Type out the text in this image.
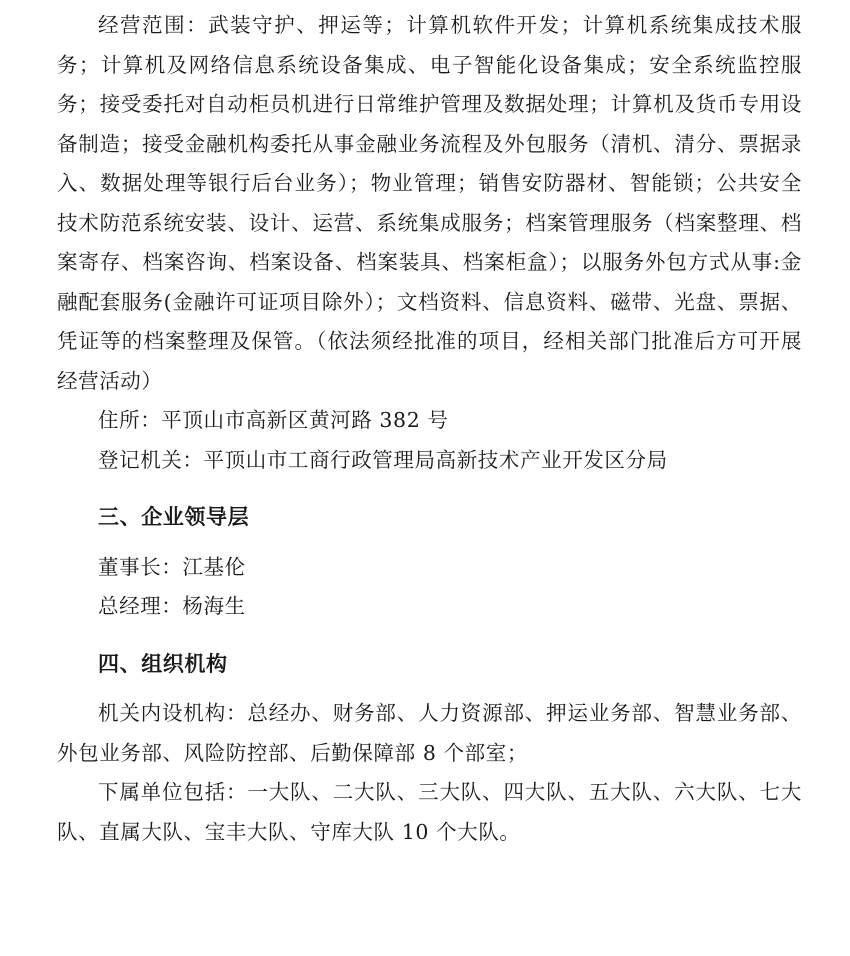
经营范围：武装守护、押运等；计算机软件开发；计算机系统集成技术服务；计算机及网络信息系统设备集成、电子智能化设备集成；安全系统监控服务；接受委托对自动柜员机进行日常维护管理及数据处理；计算机及货币专用设备制造；接受金融机构委托从事金融业务流程及外包服务（清机、清分、票据录入、数据处理等银行后台业务）；物业管理；销售安防器材、智能锁；公共安全技术防范系统安装、设计、运营、系统集成服务；档案管理服务（档案整理、档案寄存、档案咨询、档案设备、档案装具、档案柜盒）；以服务外包方式从事:金融配套服务(金融许可证项目除外）；文档资料、信息资料、磁带、光盘、票据、凭证等的档案整理及保管。（依法须经批准的项目，经相关部门批准后方可开展经营活动）

住所：平顶山市高新区黄河路 382 号

登记机关：平顶山市工商行政管理局高新技术产业开发区分局

三、企业领导层

董事长：江基伦

总经理：杨海生

四、组织机构

机关内设机构：总经办、财务部、人力资源部、押运业务部、智慧业务部、外包业务部、风险防控部、后勤保障部 8 个部室；

下属单位包括：一大队、二大队、三大队、四大队、五大队、六大队、七大队、直属大队、宝丰大队、守库大队 10 个大队。
